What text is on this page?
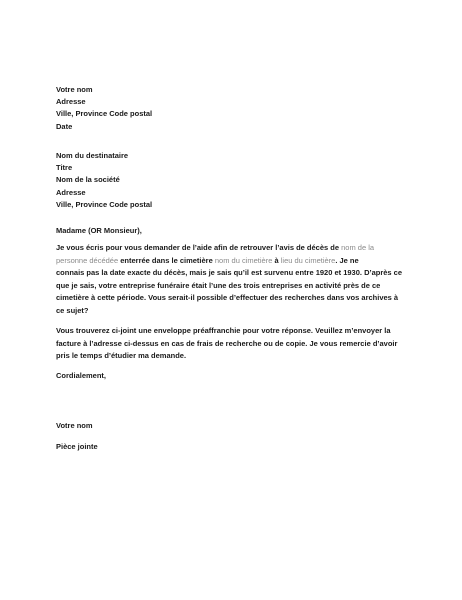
Votre nom
Adresse
Ville, Province Code postal
Date
Nom du destinataire
Titre
Nom de la société
Adresse
Ville, Province Code postal
Madame (OR Monsieur),
Je vous écris pour vous demander de l’aide afin de retrouver l’avis de décès de nom de la
personne décédée enterrée dans le cimetière nom du cimetière à lieu du cimetière. Je ne
connais pas la date exacte du décès, mais je sais qu’il est survenu entre 1920 et 1930. D’après ce
que je sais, votre entreprise funéraire était l’une des trois entreprises en activité près de ce
cimetière à cette période. Vous serait-il possible d’effectuer des recherches dans vos archives à
ce sujet?
Vous trouverez ci-joint une enveloppe préaffranchie pour votre réponse. Veuillez m’envoyer la
facture à l’adresse ci-dessus en cas de frais de recherche ou de copie. Je vous remercie d’avoir
pris le temps d’étudier ma demande.
Cordialement,
Votre nom
Pièce jointe
